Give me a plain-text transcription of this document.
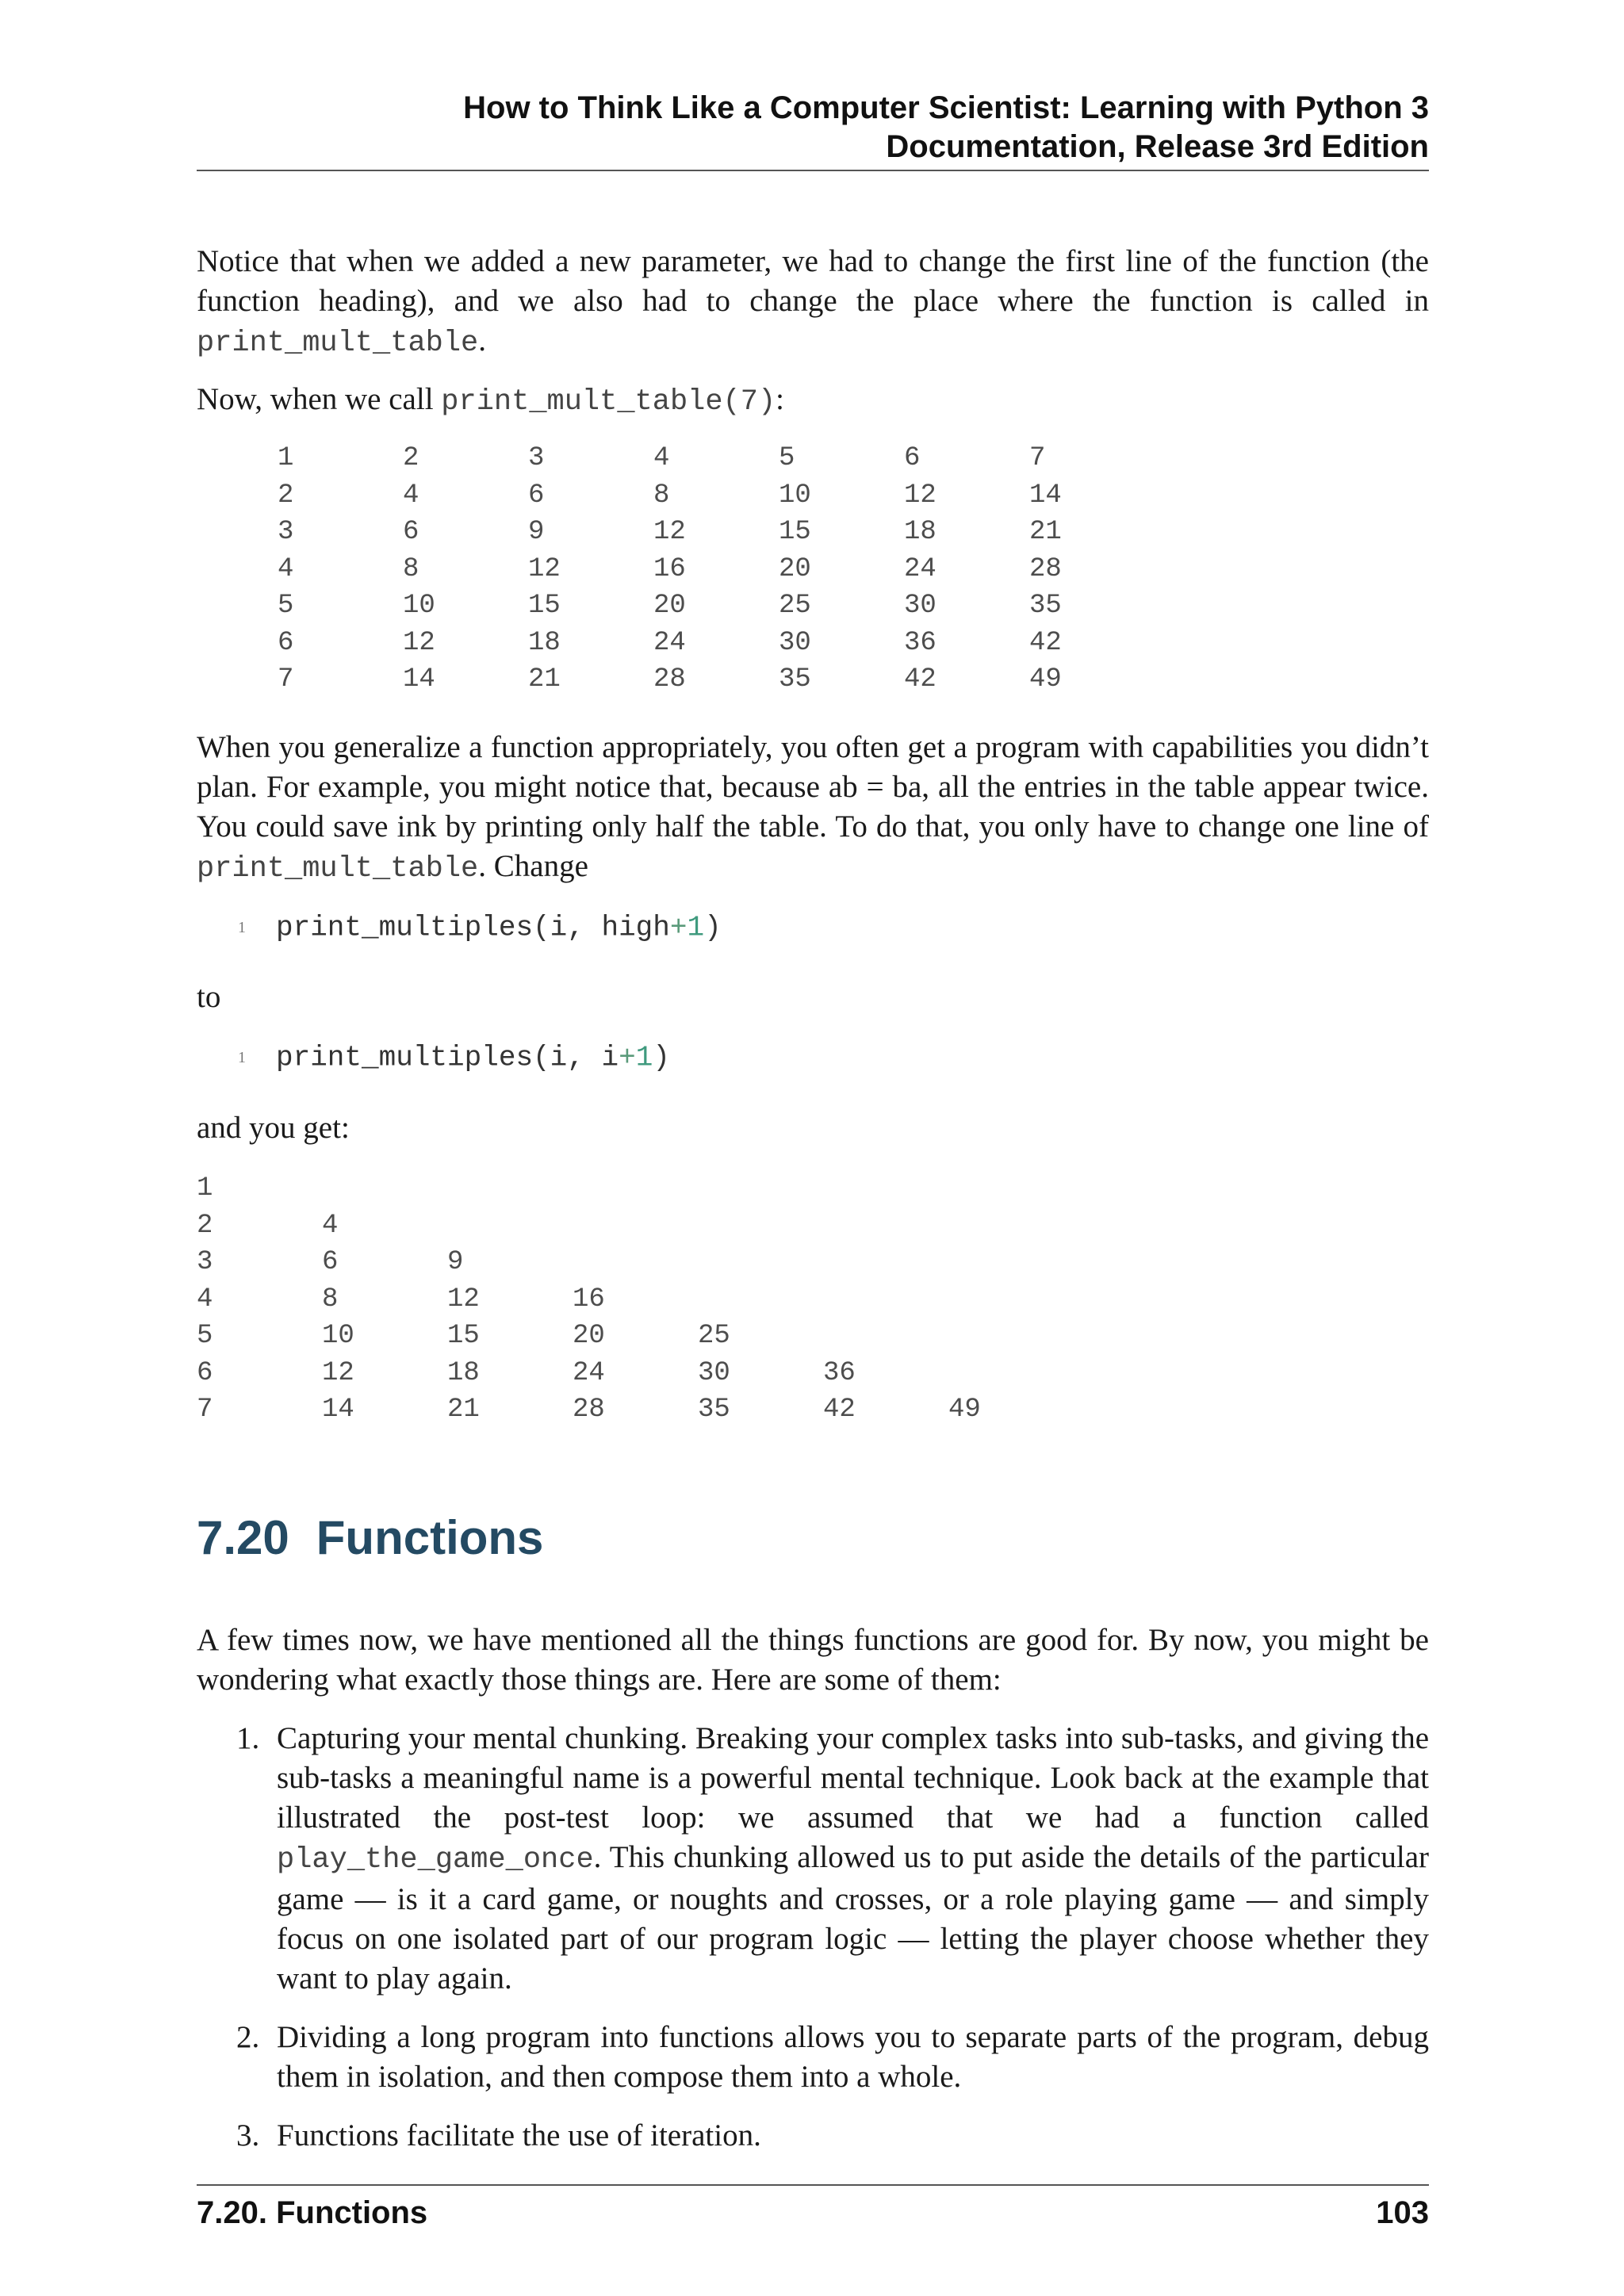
How to Think Like a Computer Scientist: Learning with Python 3
Documentation, Release 3rd Edition
Notice that when we added a new parameter, we had to change the first line of the function (the function heading), and we also had to change the place where the function is called in print_mult_table.
Now, when we call print_mult_table(7):
1	2	3	4	5	6	7
2	4	6	8	10	12	14
3	6	9	12	15	18	21
4	8	12	16	20	24	28
5	10	15	20	25	30	35
6	12	18	24	30	36	42
7	14	21	28	35	42	49
When you generalize a function appropriately, you often get a program with capabilities you didn’t plan. For example, you might notice that, because ab = ba, all the entries in the table appear twice. You could save ink by printing only half the table. To do that, you only have to change one line of print_mult_table. Change
1 print_multiples(i, high+1)
to
1 print_multiples(i, i+1)
and you get:
1
2	4
3	6	9
4	8	12	16
5	10	15	20	25
6	12	18	24	30	36
7	14	21	28	35	42	49
7.20 Functions
A few times now, we have mentioned all the things functions are good for. By now, you might be wondering what exactly those things are. Here are some of them:
1. Capturing your mental chunking. Breaking your complex tasks into sub-tasks, and giving the sub-tasks a meaningful name is a powerful mental technique. Look back at the example that illustrated the post-test loop: we assumed that we had a function called play_the_game_once. This chunking allowed us to put aside the details of the particular game — is it a card game, or noughts and crosses, or a role playing game — and simply focus on one isolated part of our program logic — letting the player choose whether they want to play again.
2. Dividing a long program into functions allows you to separate parts of the program, debug them in isolation, and then compose them into a whole.
3. Functions facilitate the use of iteration.
7.20. Functions	103
